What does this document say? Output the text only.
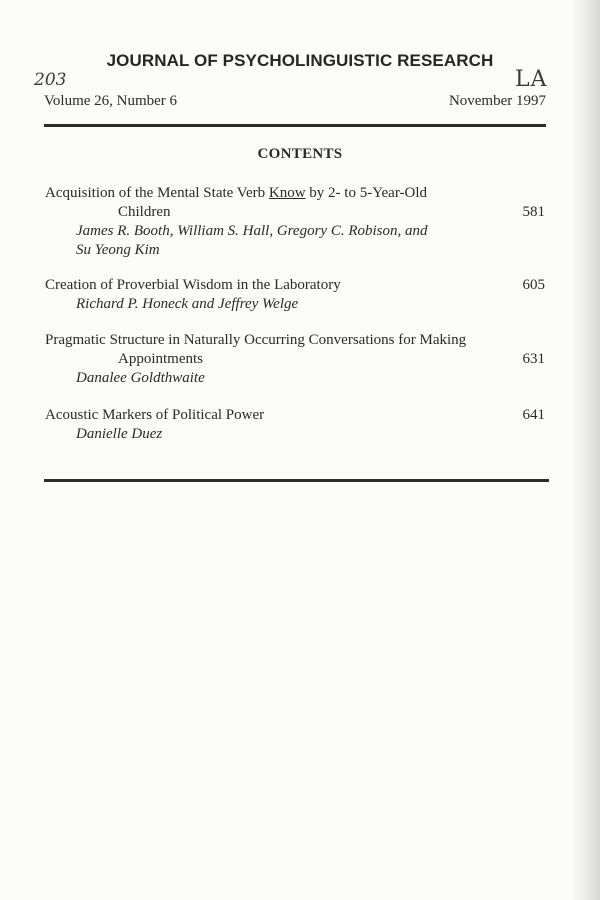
JOURNAL OF PSYCHOLINGUISTIC RESEARCH
203	LA
Volume 26, Number 6	November 1997
CONTENTS
Acquisition of the Mental State Verb Know by 2- to 5-Year-Old
Children
James R. Booth, William S. Hall, Gregory C. Robison, and
Su Yeong Kim
581
Creation of Proverbial Wisdom in the Laboratory
Richard P. Honeck and Jeffrey Welge
605
Pragmatic Structure in Naturally Occurring Conversations for Making
Appointments
Danalee Goldthwaite
631
Acoustic Markers of Political Power
Danielle Duez
641
